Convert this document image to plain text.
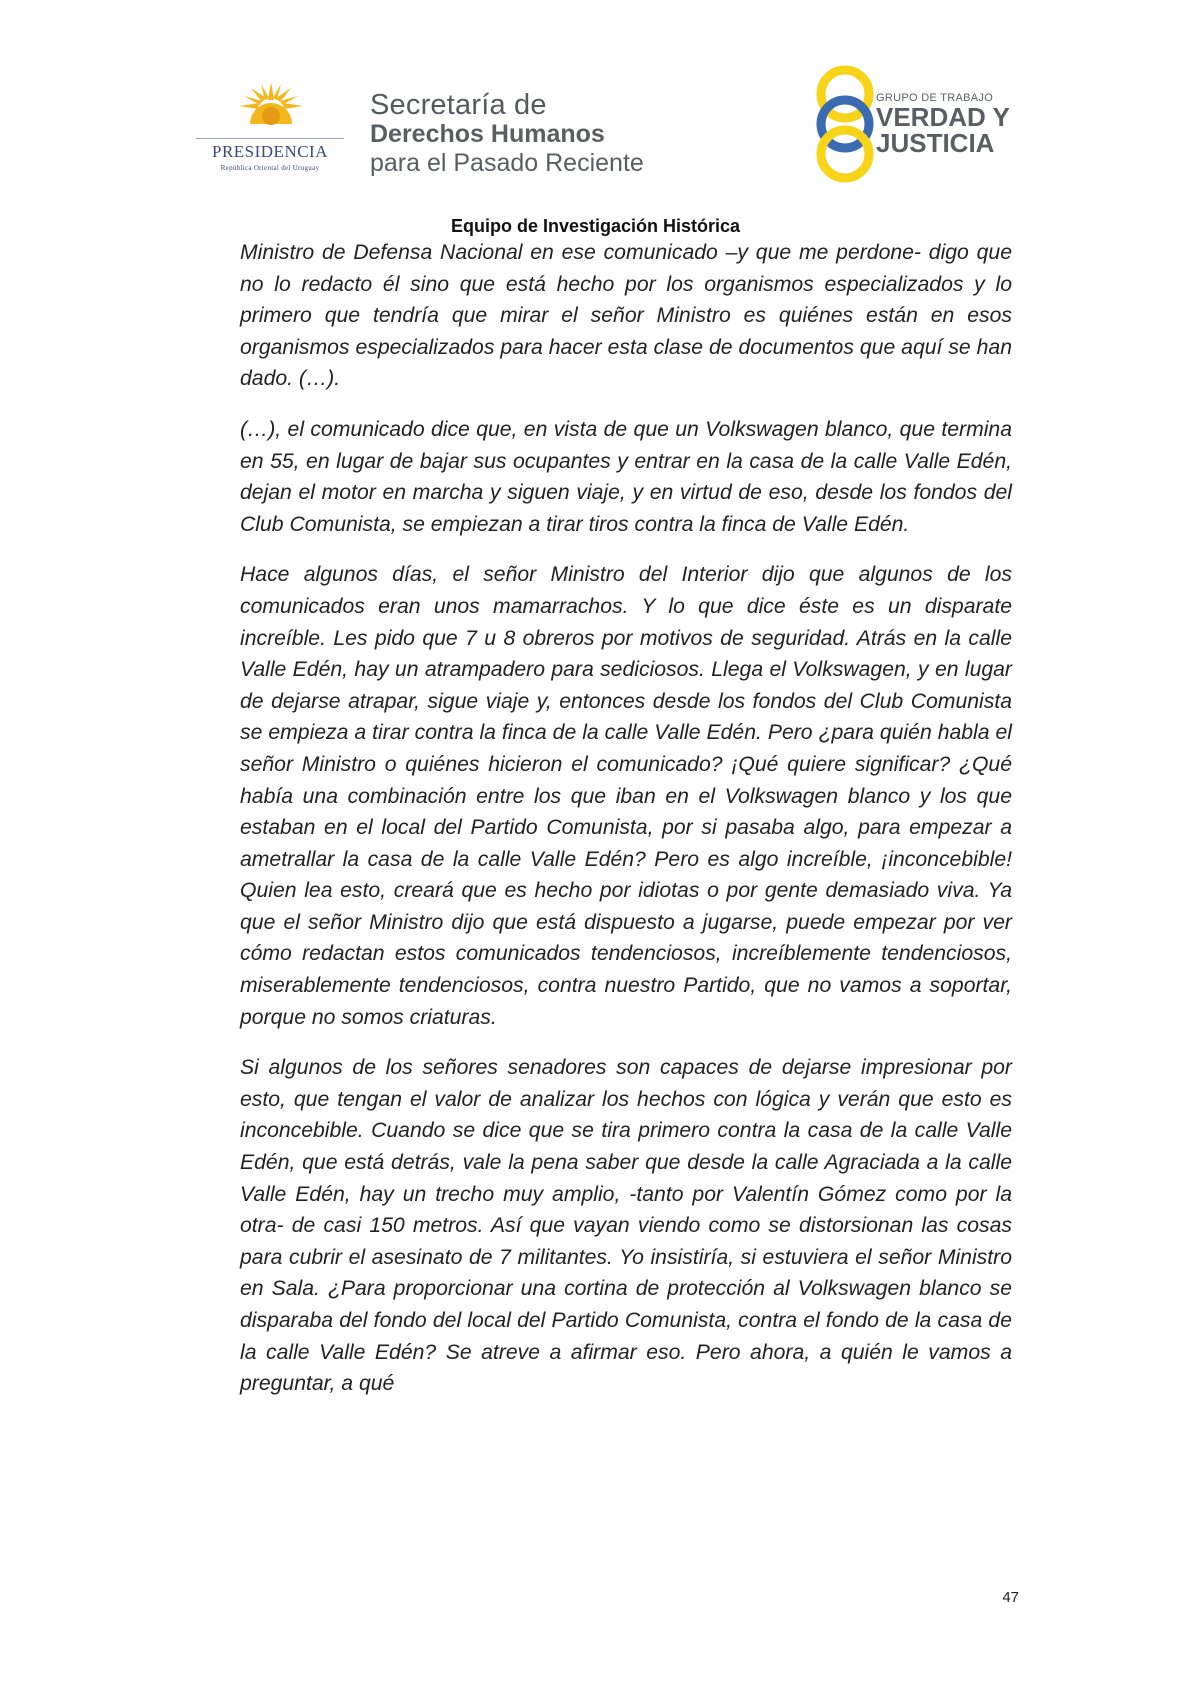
PRESIDENCIA
República Oriental del Uruguay
Secretaría de
Derechos Humanos
para el Pasado Reciente
GRUPO DE TRABAJO
VERDAD Y
JUSTICIA
Equipo de Investigación Histórica

Ministro de Defensa Nacional en ese comunicado –y que me perdone- digo que no lo redacto él sino que está hecho por los organismos especializados y lo primero que tendría que mirar el señor Ministro es quiénes están en esos organismos especializados para hacer esta clase de documentos que aquí se han dado. (…).

(…), el comunicado dice que, en vista de que un Volkswagen blanco, que termina en 55, en lugar de bajar sus ocupantes y entrar en la casa de la calle Valle Edén, dejan el motor en marcha y siguen viaje, y en virtud de eso, desde los fondos del Club Comunista, se empiezan a tirar tiros contra la finca de Valle Edén.

Hace algunos días, el señor Ministro del Interior dijo que algunos de los comunicados eran unos mamarrachos. Y lo que dice éste es un disparate increíble. Les pido que 7 u 8 obreros por motivos de seguridad. Atrás en la calle Valle Edén, hay un atrampadero para sediciosos. Llega el Volkswagen, y en lugar de dejarse atrapar, sigue viaje y, entonces desde los fondos del Club Comunista se empieza a tirar contra la finca de la calle Valle Edén. Pero ¿para quién habla el señor Ministro o quiénes hicieron el comunicado? ¡Qué quiere significar? ¿Qué había una combinación entre los que iban en el Volkswagen blanco y los que estaban en el local del Partido Comunista, por si pasaba algo, para empezar a ametrallar la casa de la calle Valle Edén? Pero es algo increíble, ¡inconcebible! Quien lea esto, creará que es hecho por idiotas o por gente demasiado viva. Ya que el señor Ministro dijo que está dispuesto a jugarse, puede empezar por ver cómo redactan estos comunicados tendenciosos, increíblemente tendenciosos, miserablemente tendenciosos, contra nuestro Partido, que no vamos a soportar, porque no somos criaturas.

Si algunos de los señores senadores son capaces de dejarse impresionar por esto, que tengan el valor de analizar los hechos con lógica y verán que esto es inconcebible. Cuando se dice que se tira primero contra la casa de la calle Valle Edén, que está detrás, vale la pena saber que desde la calle Agraciada a la calle Valle Edén, hay un trecho muy amplio, -tanto por Valentín Gómez como por la otra- de casi 150 metros. Así que vayan viendo como se distorsionan las cosas para cubrir el asesinato de 7 militantes. Yo insistiría, si estuviera el señor Ministro en Sala. ¿Para proporcionar una cortina de protección al Volkswagen blanco se disparaba del fondo del local del Partido Comunista, contra el fondo de la casa de la calle Valle Edén? Se atreve a afirmar eso. Pero ahora, a quién le vamos a preguntar, a qué

47
